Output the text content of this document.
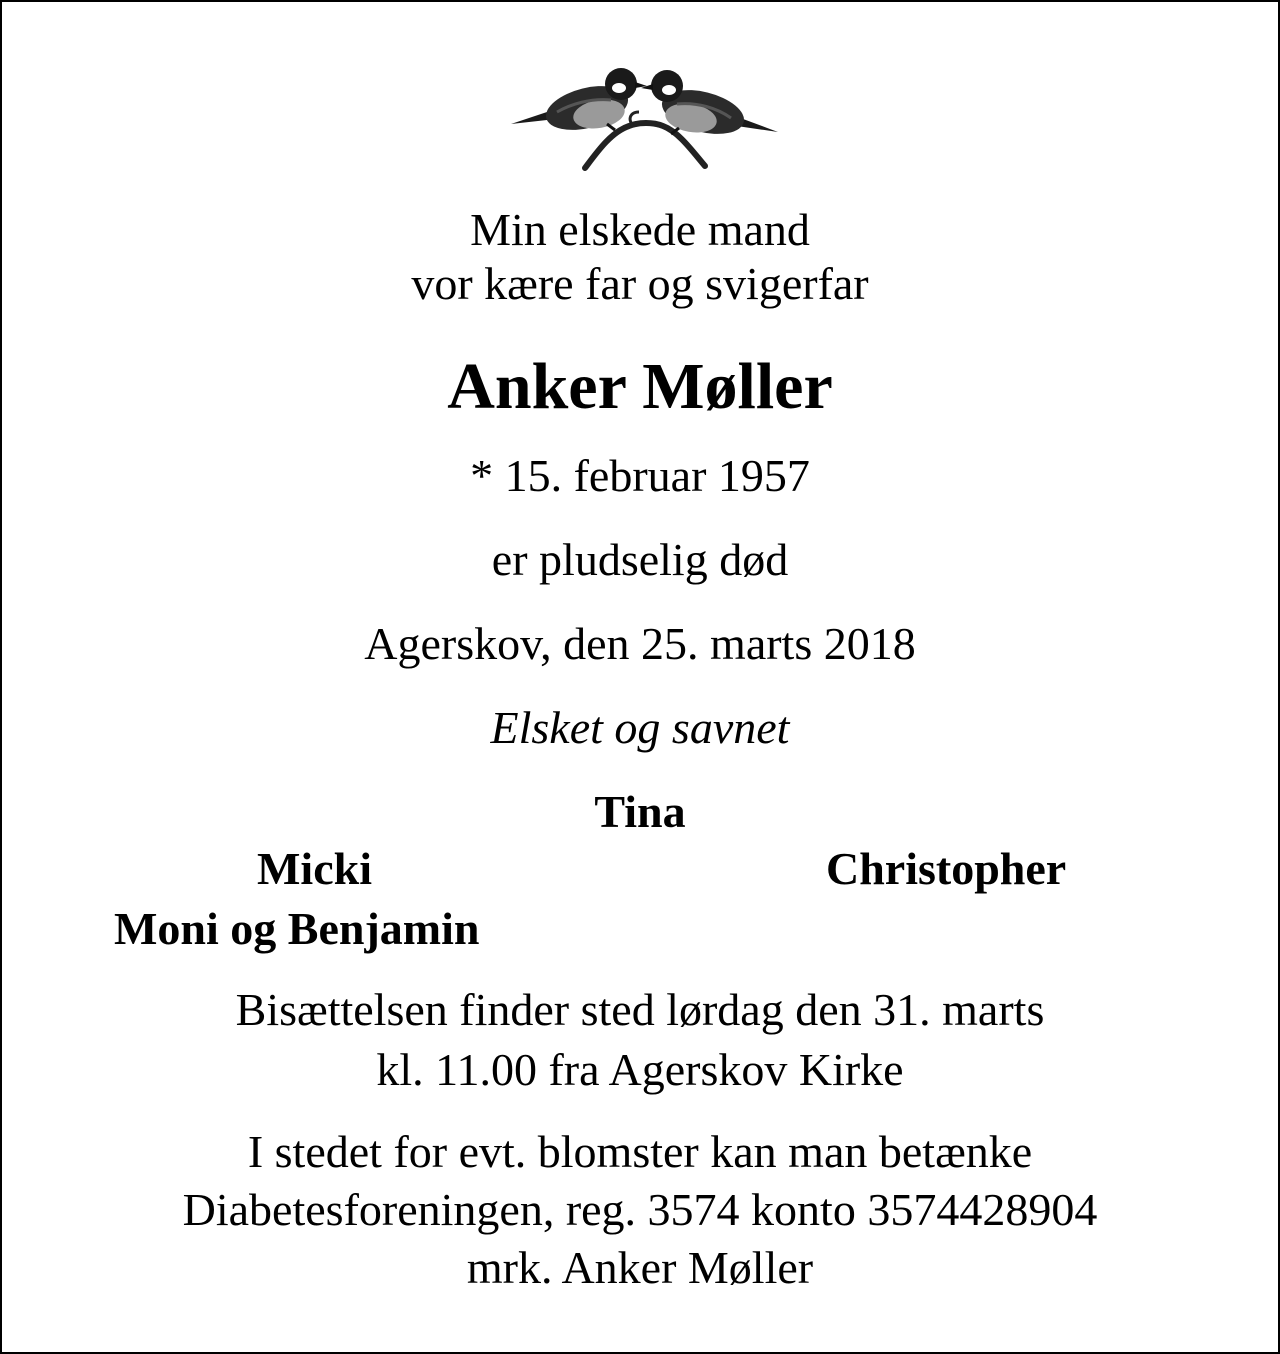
Min elskede mand
vor kære far og svigerfar
Anker Møller
* 15. februar 1957
er pludselig død
Agerskov, den 25. marts 2018
Elsket og savnet
Tina
Micki	Christopher
Moni og Benjamin
Bisættelsen finder sted lørdag den 31. marts
kl. 11.00 fra Agerskov Kirke
I stedet for evt. blomster kan man betænke
Diabetesforeningen, reg. 3574 konto 3574428904
mrk. Anker Møller
